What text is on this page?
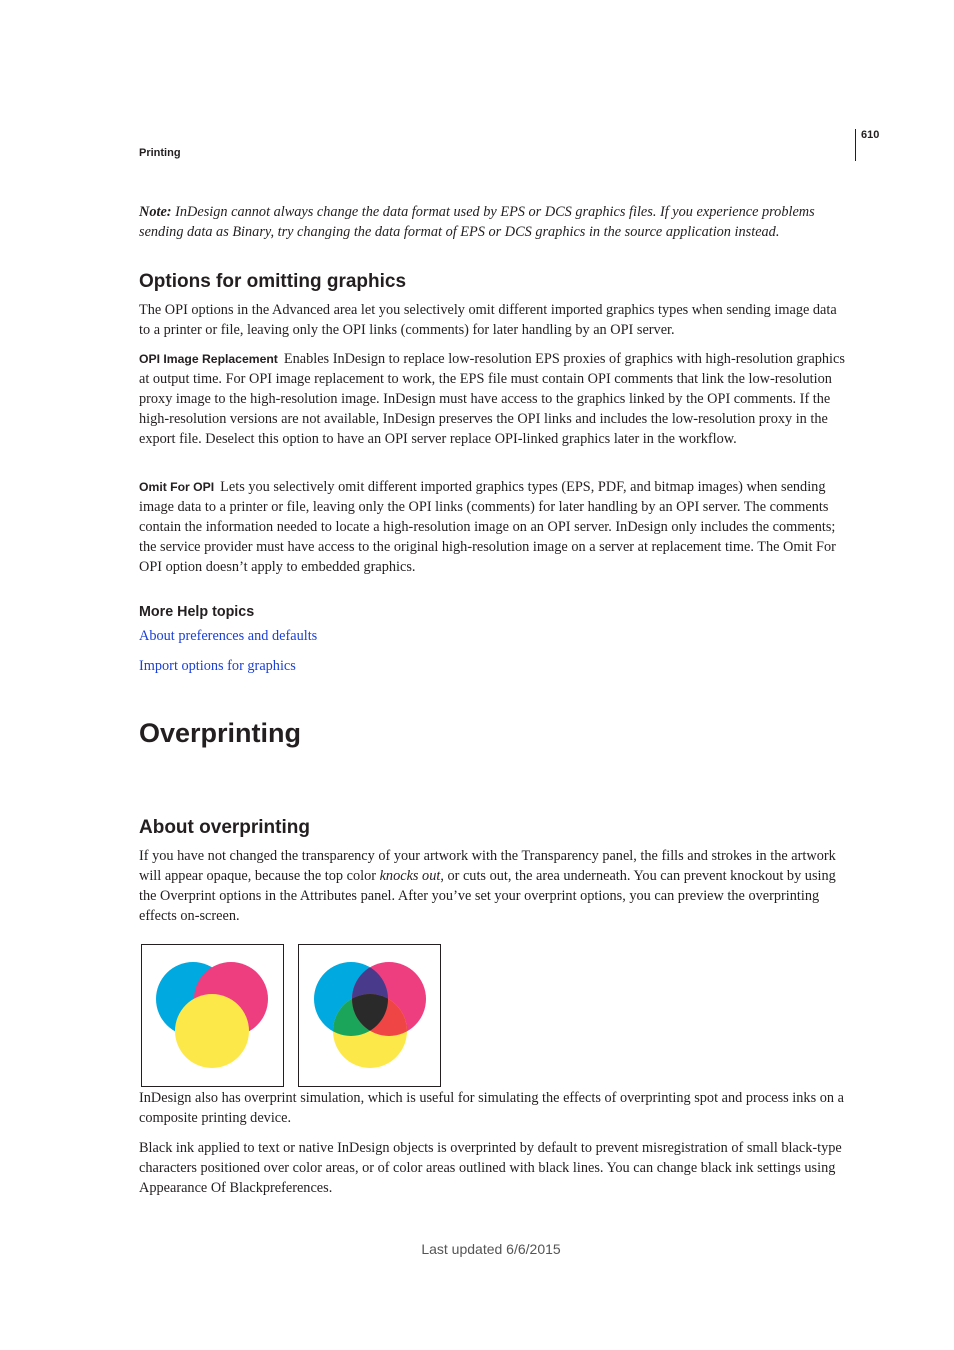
Printing
610

Note: InDesign cannot always change the data format used by EPS or DCS graphics files. If you experience problems sending data as Binary, try changing the data format of EPS or DCS graphics in the source application instead.

Options for omitting graphics

The OPI options in the Advanced area let you selectively omit different imported graphics types when sending image data to a printer or file, leaving only the OPI links (comments) for later handling by an OPI server.

OPI Image Replacement Enables InDesign to replace low-resolution EPS proxies of graphics with high-resolution graphics at output time. For OPI image replacement to work, the EPS file must contain OPI comments that link the low-resolution proxy image to the high-resolution image. InDesign must have access to the graphics linked by the OPI comments. If the high-resolution versions are not available, InDesign preserves the OPI links and includes the low-resolution proxy in the export file. Deselect this option to have an OPI server replace OPI-linked graphics later in the workflow.

Omit For OPI Lets you selectively omit different imported graphics types (EPS, PDF, and bitmap images) when sending image data to a printer or file, leaving only the OPI links (comments) for later handling by an OPI server. The comments contain the information needed to locate a high-resolution image on an OPI server. InDesign only includes the comments; the service provider must have access to the original high-resolution image on a server at replacement time. The Omit For OPI option doesn’t apply to embedded graphics.

More Help topics
About preferences and defaults
Import options for graphics
Overprinting
About overprinting

If you have not changed the transparency of your artwork with the Transparency panel, the fills and strokes in the artwork will appear opaque, because the top color knocks out, or cuts out, the area underneath. You can prevent knockout by using the Overprint options in the Attributes panel. After you’ve set your overprint options, you can preview the overprinting effects on-screen.

InDesign also has overprint simulation, which is useful for simulating the effects of overprinting spot and process inks on a composite printing device.

Black ink applied to text or native InDesign objects is overprinted by default to prevent misregistration of small black-type characters positioned over color areas, or of color areas outlined with black lines. You can change black ink settings using Appearance Of Blackpreferences.

Last updated 6/6/2015
